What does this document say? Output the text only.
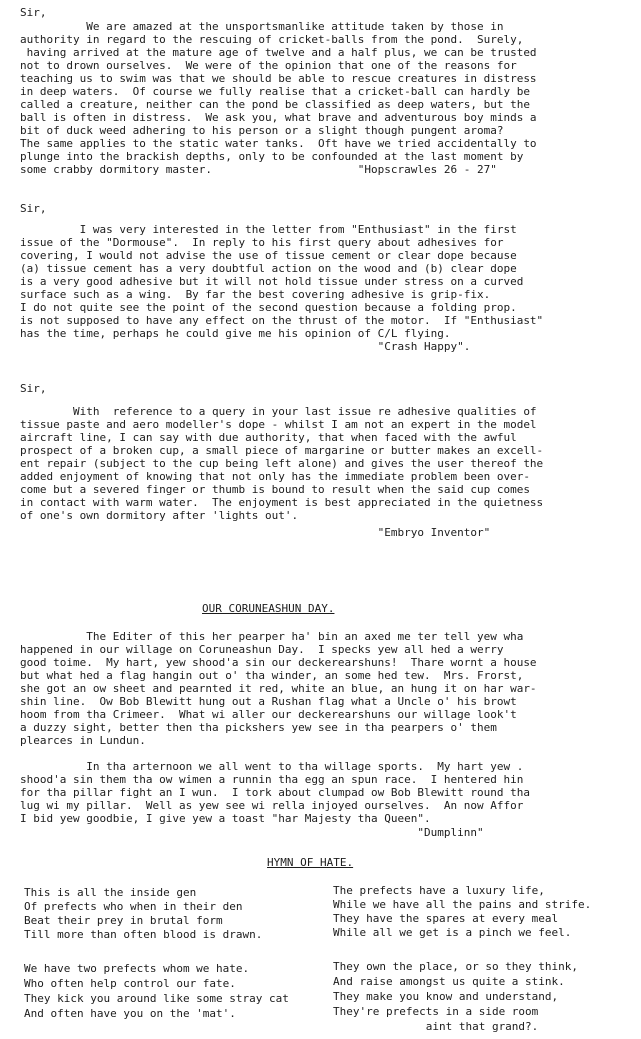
Sir,
We are amazed at the unsportsmanlike attitude taken by those in
authority in regard to the rescuing of cricket-balls from the pond.  Surely,
having arrived at the mature age of twelve and a half plus, we can be trusted
not to drown ourselves.  We were of the opinion that one of the reasons for
teaching us to swim was that we should be able to rescue creatures in distress
in deep waters.  Of course we fully realise that a cricket-ball can hardly be
called a creature, neither can the pond be classified as deep waters, but the
ball is often in distress.  We ask you, what brave and adventurous boy minds a
bit of duck weed adhering to his person or a slight though pungent aroma?
The same applies to the static water tanks.  Oft have we tried accidentally to
plunge into the brackish depths, only to be confounded at the last moment by
some crabby dormitory master.                      "Hopscrawles 26 - 27"
Sir,
I was very interested in the letter from "Enthusiast" in the first
issue of the "Dormouse".  In reply to his first query about adhesives for
covering, I would not advise the use of tissue cement or clear dope because
(a) tissue cement has a very doubtful action on the wood and (b) clear dope
is a very good adhesive but it will not hold tissue under stress on a curved
surface such as a wing.  By far the best covering adhesive is grip-fix.
I do not quite see the point of the second question because a folding prop.
is not supposed to have any effect on the thrust of the motor.  If "Enthusiast"
has the time, perhaps he could give me his opinion of C/L flying.
"Crash Happy".
Sir,
With  reference to a query in your last issue re adhesive qualities of
tissue paste and aero modeller's dope - whilst I am not an expert in the model
aircraft line, I can say with due authority, that when faced with the awful
prospect of a broken cup, a small piece of margarine or butter makes an excell-
ent repair (subject to the cup being left alone) and gives the user thereof the
added enjoyment of knowing that not only has the immediate problem been over-
come but a severed finger or thumb is bound to result when the said cup comes
in contact with warm water.  The enjoyment is best appreciated in the quietness
of one's own dormitory after 'lights out'.
"Embryo Inventor"
OUR CORUNEASHUN DAY.
The Editer of this her pearper ha' bin an axed me ter tell yew wha
happened in our willage on Coruneashun Day.  I specks yew all hed a werry
good toime.  My hart, yew shood'a sin our deckerearshuns!  Thare wornt a house
but what hed a flag hangin out o' tha winder, an some hed tew.  Mrs. Frorst,
she got an ow sheet and pearnted it red, white an blue, an hung it on har war-
shin line.  Ow Bob Blewitt hung out a Rushan flag what a Uncle o' his browt
hoom from tha Crimeer.  What wi aller our deckerearshuns our willage look't
a duzzy sight, better then tha pickshers yew see in tha pearpers o' them
plearces in Lundun.
In tha arternoon we all went to tha willage sports.  My hart yew .
shood'a sin them tha ow wimen a runnin tha egg an spun race.  I hentered hin
for tha pillar fight an I wun.  I tork about clumpad ow Bob Blewitt round tha
lug wi my pillar.  Well as yew see wi rella injoyed ourselves.  An now Affor
I bid yew goodbie, I give yew a toast "har Majesty tha Queen".
"Dumplinn"
HYMN OF HATE.
This is all the inside gen
Of prefects who when in their den
Beat their prey in brutal form
Till more than often blood is drawn.
We have two prefects whom we hate.
Who often help control our fate.
They kick you around like some stray cat
And often have you on the 'mat'.
The prefects have a luxury life,
While we have all the pains and strife.
They have the spares at every meal
While all we get is a pinch we feel.
They own the place, or so they think,
And raise amongst us quite a stink.
They make you know and understand,
They're prefects in a side room
aint that grand?.
